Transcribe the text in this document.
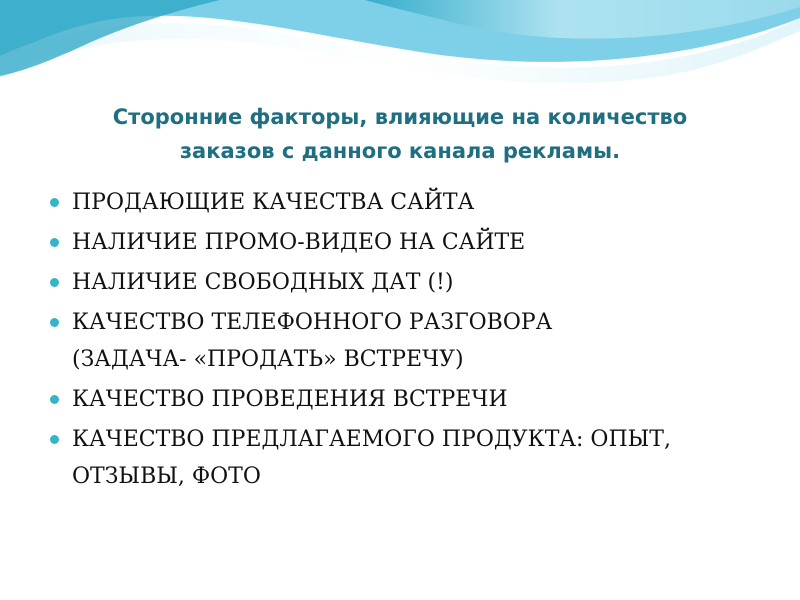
Сторонние факторы, влияющие на количество
заказов с данного канала рекламы.
ПРОДАЮЩИЕ КАЧЕСТВА САЙТА
НАЛИЧИЕ ПРОМО-ВИДЕО НА САЙТЕ
НАЛИЧИЕ СВОБОДНЫХ ДАТ (!)
КАЧЕСТВО ТЕЛЕФОННОГО РАЗГОВОРА
(ЗАДАЧА- «ПРОДАТЬ» ВСТРЕЧУ)
КАЧЕСТВО ПРОВЕДЕНИЯ ВСТРЕЧИ
КАЧЕСТВО ПРЕДЛАГАЕМОГО ПРОДУКТА: ОПЫТ,
ОТЗЫВЫ, ФОТО
